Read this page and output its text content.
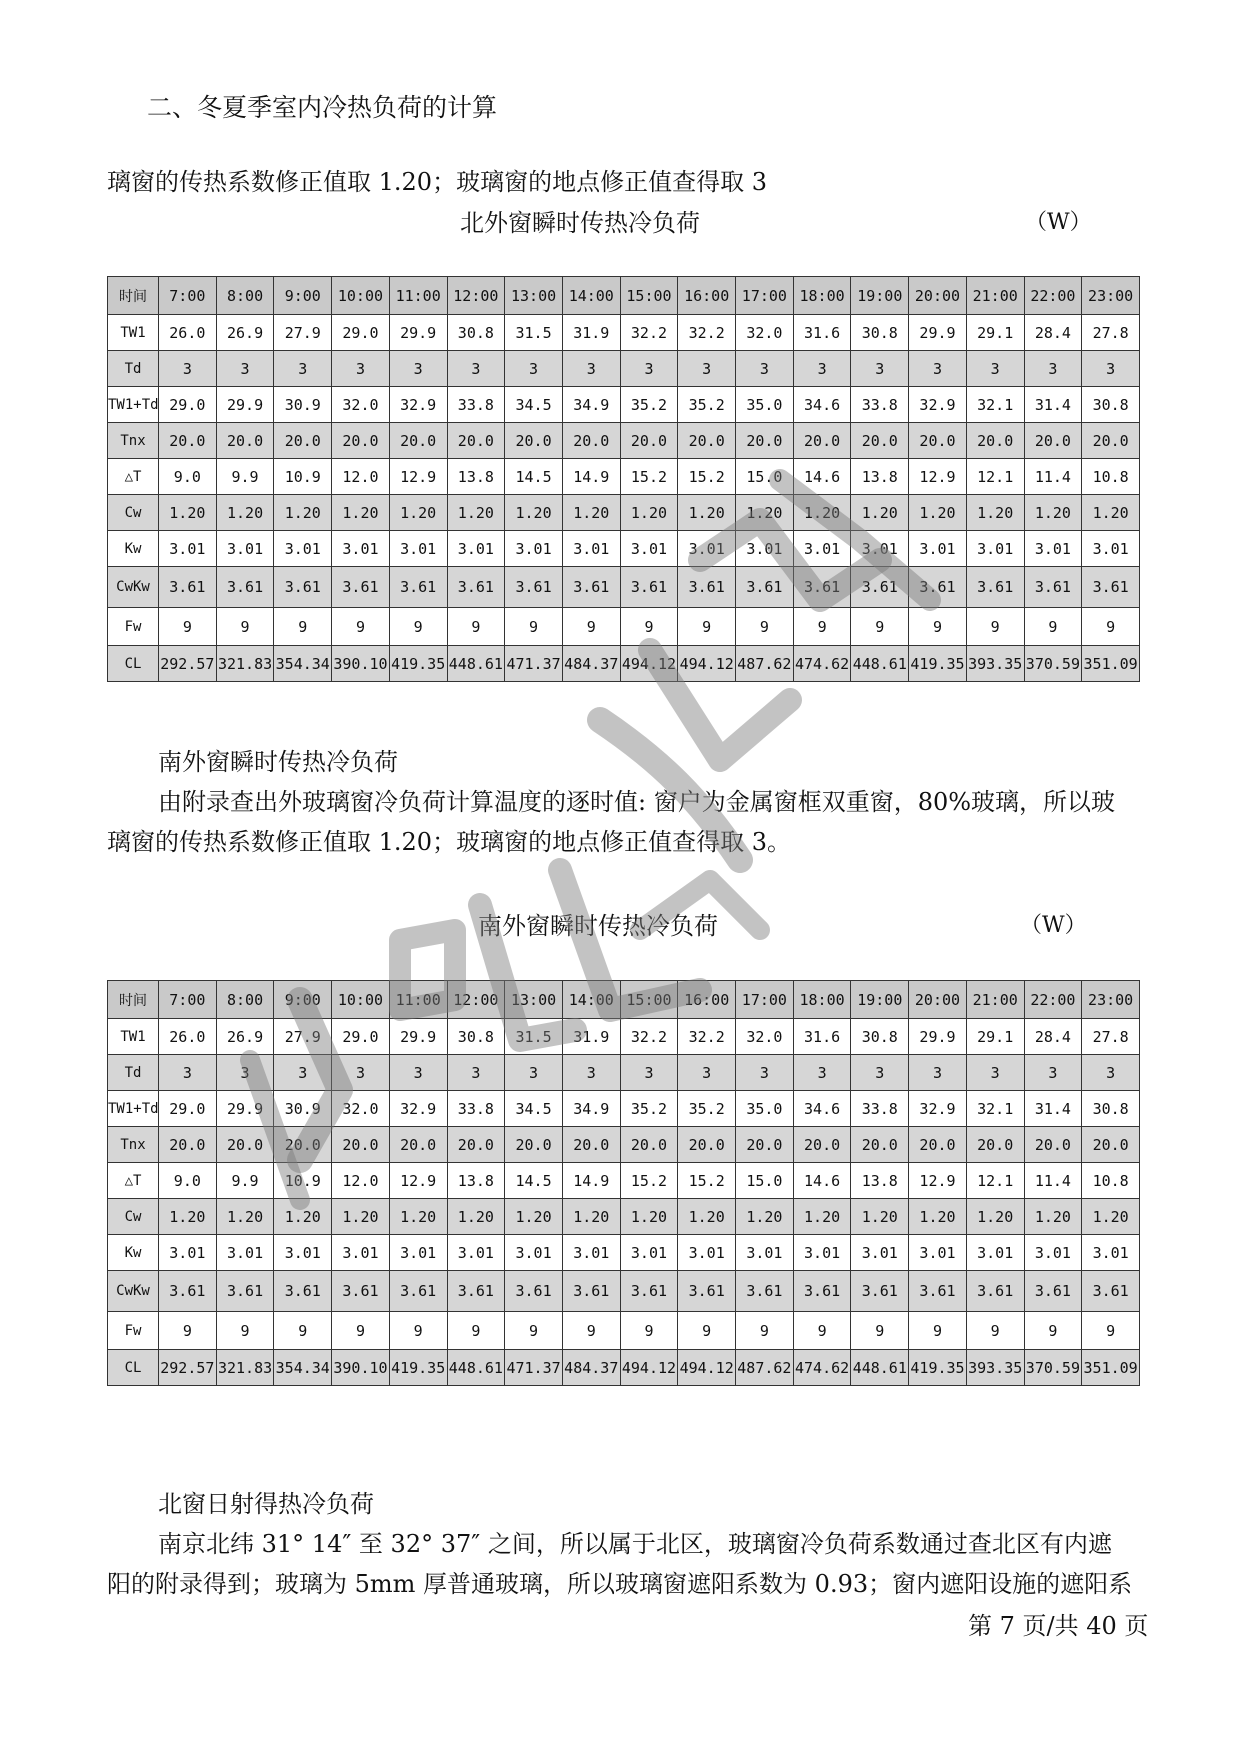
二、冬夏季室内冷热负荷的计算
璃窗的传热系数修正值取 1.20；玻璃窗的地点修正值查得取 3
北外窗瞬时传热冷负荷	（W）
时间	7:00	8:00	9:00	10:00	11:00	12:00	13:00	14:00	15:00	16:00	17:00	18:00	19:00	20:00	21:00	22:00	23:00
TW1	26.0	26.9	27.9	29.0	29.9	30.8	31.5	31.9	32.2	32.2	32.0	31.6	30.8	29.9	29.1	28.4	27.8
Td	3	3	3	3	3	3	3	3	3	3	3	3	3	3	3	3	3
TW1+Td	29.0	29.9	30.9	32.0	32.9	33.8	34.5	34.9	35.2	35.2	35.0	34.6	33.8	32.9	32.1	31.4	30.8
Tnx	20.0	20.0	20.0	20.0	20.0	20.0	20.0	20.0	20.0	20.0	20.0	20.0	20.0	20.0	20.0	20.0	20.0
△T	9.0	9.9	10.9	12.0	12.9	13.8	14.5	14.9	15.2	15.2	15.0	14.6	13.8	12.9	12.1	11.4	10.8
Cw	1.20	1.20	1.20	1.20	1.20	1.20	1.20	1.20	1.20	1.20	1.20	1.20	1.20	1.20	1.20	1.20	1.20
Kw	3.01	3.01	3.01	3.01	3.01	3.01	3.01	3.01	3.01	3.01	3.01	3.01	3.01	3.01	3.01	3.01	3.01
CwKw	3.61	3.61	3.61	3.61	3.61	3.61	3.61	3.61	3.61	3.61	3.61	3.61	3.61	3.61	3.61	3.61	3.61
Fw	9	9	9	9	9	9	9	9	9	9	9	9	9	9	9	9	9
CL	292.57	321.83	354.34	390.10	419.35	448.61	471.37	484.37	494.12	494.12	487.62	474.62	448.61	419.35	393.35	370.59	351.09
南外窗瞬时传热冷负荷
由附录查出外玻璃窗冷负荷计算温度的逐时值: 窗户为金属窗框双重窗，80%玻璃，所以玻
璃窗的传热系数修正值取 1.20；玻璃窗的地点修正值查得取 3。
南外窗瞬时传热冷负荷	（W）
时间	7:00	8:00	9:00	10:00	11:00	12:00	13:00	14:00	15:00	16:00	17:00	18:00	19:00	20:00	21:00	22:00	23:00
TW1	26.0	26.9	27.9	29.0	29.9	30.8	31.5	31.9	32.2	32.2	32.0	31.6	30.8	29.9	29.1	28.4	27.8
Td	3	3	3	3	3	3	3	3	3	3	3	3	3	3	3	3	3
TW1+Td	29.0	29.9	30.9	32.0	32.9	33.8	34.5	34.9	35.2	35.2	35.0	34.6	33.8	32.9	32.1	31.4	30.8
Tnx	20.0	20.0	20.0	20.0	20.0	20.0	20.0	20.0	20.0	20.0	20.0	20.0	20.0	20.0	20.0	20.0	20.0
△T	9.0	9.9	10.9	12.0	12.9	13.8	14.5	14.9	15.2	15.2	15.0	14.6	13.8	12.9	12.1	11.4	10.8
Cw	1.20	1.20	1.20	1.20	1.20	1.20	1.20	1.20	1.20	1.20	1.20	1.20	1.20	1.20	1.20	1.20	1.20
Kw	3.01	3.01	3.01	3.01	3.01	3.01	3.01	3.01	3.01	3.01	3.01	3.01	3.01	3.01	3.01	3.01	3.01
CwKw	3.61	3.61	3.61	3.61	3.61	3.61	3.61	3.61	3.61	3.61	3.61	3.61	3.61	3.61	3.61	3.61	3.61
Fw	9	9	9	9	9	9	9	9	9	9	9	9	9	9	9	9	9
CL	292.57	321.83	354.34	390.10	419.35	448.61	471.37	484.37	494.12	494.12	487.62	474.62	448.61	419.35	393.35	370.59	351.09
北窗日射得热冷负荷
南京北纬 31° 14″ 至 32° 37″ 之间，所以属于北区，玻璃窗冷负荷系数通过查北区有内遮
阳的附录得到；玻璃为 5mm 厚普通玻璃，所以玻璃窗遮阳系数为 0.93；窗内遮阳设施的遮阳系
第 7 页/共 40 页
